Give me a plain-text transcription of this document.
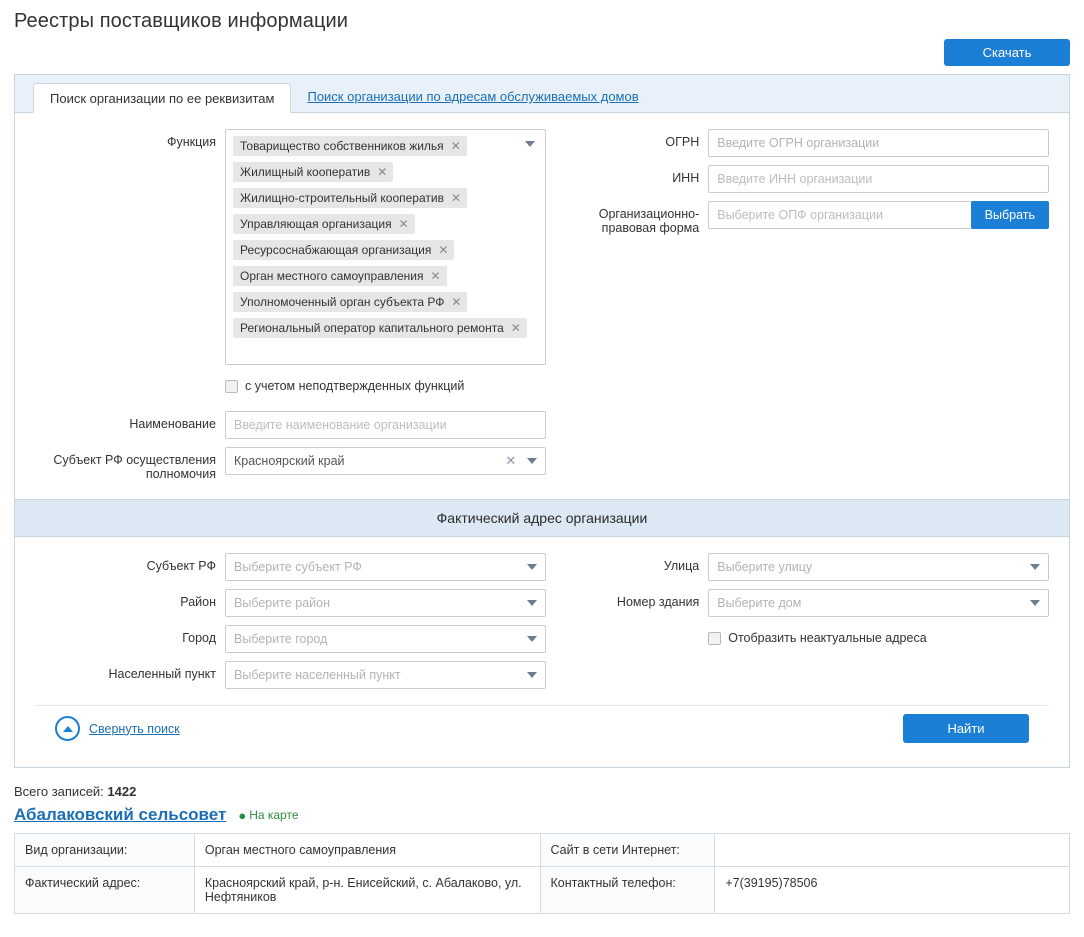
Реестры поставщиков информации
Скачать
Поиск организации по ее реквизитам	Поиск организации по адресам обслуживаемых домов
Функция	Товарищество собственников жилья ✕
Жилищный кооператив ✕
Жилищно-строительный кооператив ✕
Управляющая организация ✕
Ресурсоснабжающая организация ✕
Орган местного самоуправления ✕
Уполномоченный орган субъекта РФ ✕
Региональный оператор капитального ремонта ✕
с учетом неподтвержденных функций
Наименование
Введите наименование организации
Субъект РФ осуществления полномочия
Красноярский край	✕
ОГРН
Введите ОГРН организации
ИНН
Введите ИНН организации
Организационно-правовая форма
Выберите ОПФ организации
Выбрать
Фактический адрес организации
Субъект РФ	Выберите субъект РФ
Район	Выберите район
Город	Выберите город
Населенный пункт	Выберите населенный пункт
Улица	Выберите улицу
Номер здания	Выберите дом
Отобразить неактуальные адреса
Свернуть поиск	Найти
Всего записей: 1422
Абалаковский сельсовет ● На карте
Вид организации:	Орган местного самоуправления	Сайт в сети Интернет:	
Фактический адрес:	Красноярский край, р-н. Енисейский, с. Абалаково, ул. Нефтяников	Контактный телефон:	+7(39195)78506
